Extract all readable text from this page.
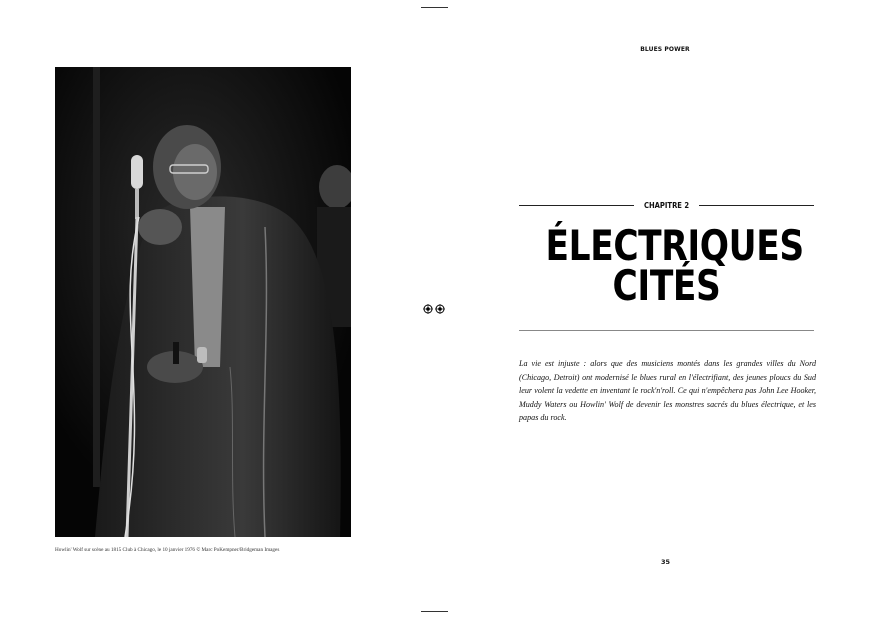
Howlin' Wolf sur scène au 1815 Club à Chicago, le 10 janvier 1976 © Marc PoKempner/Bridgeman Images
BLUES POWER
CHAPITRE 2
ÉLECTRIQUES
CITÉS
La vie est injuste : alors que des musiciens montés dans les grandes villes du Nord (Chicago, Detroit) ont modernisé le blues rural en l'électrifiant, des jeunes ploucs du Sud leur volent la vedette en inventant le rock'n'roll. Ce qui n'empêchera pas John Lee Hooker, Muddy Waters ou Howlin' Wolf de devenir les monstres sacrés du blues électrique, et les papas du rock.
35
